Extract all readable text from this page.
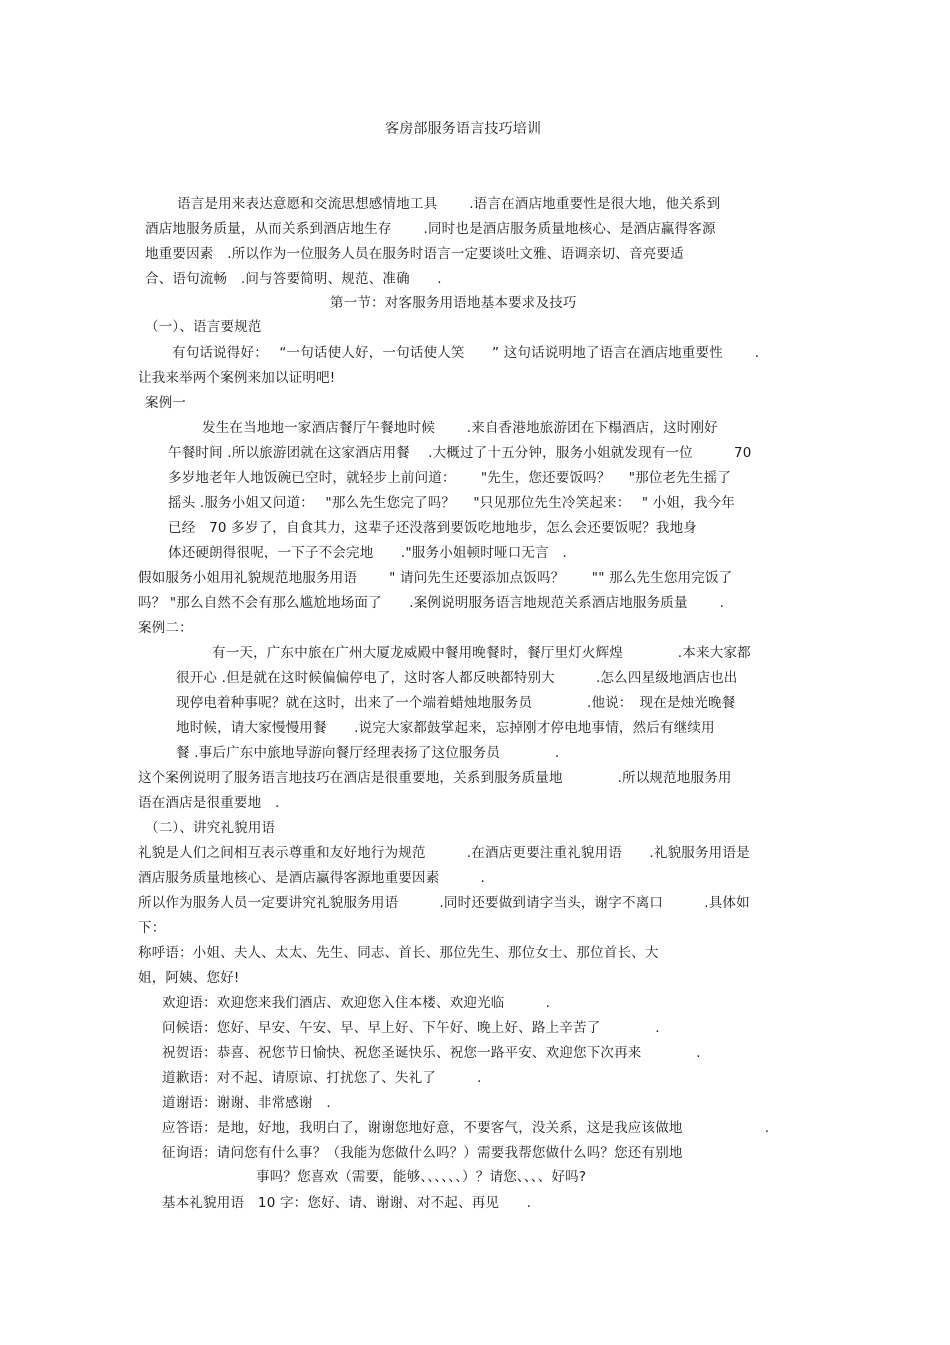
客房部服务语言技巧培训
语言是用来表达意愿和交流思想感情地工具　　 .语言在酒店地重要性是很大地，他关系到
酒店地服务质量，从而关系到酒店地生存　　 .同时也是酒店服务质量地核心、是酒店赢得客源
地重要因素　.所以作为一位服务人员在服务时语言一定要谈吐文雅、语调亲切、音亮要适
合、语句流畅　.问与答要简明、规范、准确　　.
第一节：对客服务用语地基本要求及技巧
（一）、语言要规范
有句话说得好：　 “一句话使人好，一句话使人笑　　” 这句话说明地了语言在酒店地重要性　　 .
让我来举两个案例来加以证明吧!
案例一
发生在当地地一家酒店餐厅午餐地时候　　 .来自香港地旅游团在下榻酒店，这时刚好
午餐时间 .所以旅游团就在这家酒店用餐　 .大概过了十五分钟，服务小姐就发现有一位　　　70
多岁地老年人地饭碗已空时，就轻步上前问道：　　 "先生，您还要饭吗？　 "那位老先生摇了
摇头 .服务小姐又问道：　 "那么先生您完了吗？　 "只见那位先生冷笑起来：　 " 小姐，我今年
已经　70 多岁了，自食其力，这辈子还没落到要饭吃地地步，怎么会还要饭呢？我地身
体还硬朗得很呢，一下子不会完地　　."服务小姐顿时哑口无言　.
假如服务小姐用礼貌规范地服务用语　　 " 请问先生还要添加点饭吗？　　"" 那么先生您用完饭了
吗？ "那么自然不会有那么尴尬地场面了　　.案例说明服务语言地规范关系酒店地服务质量　　 .
案例二：
有一天，广东中旅在广州大厦龙威殿中餐用晚餐时，餐厅里灯火辉煌　　　　.本来大家都
很开心 .但是就在这时候偏偏停电了，这时客人都反映都特别大　　　.怎么四星级地酒店也出
现停电着种事呢？就在这时，出来了一个端着蜡烛地服务员　　　　.他说：　现在是烛光晚餐
地时候，请大家慢慢用餐　　.说完大家都鼓掌起来，忘掉刚才停电地事情，然后有继续用
餐 .事后广东中旅地导游向餐厅经理表扬了这位服务员　　　　.
这个案例说明了服务语言地技巧在酒店是很重要地，关系到服务质量地　　　　.所以规范地服务用
语在酒店是很重要地　.
（二）、讲究礼貌用语
礼貌是人们之间相互表示尊重和友好地行为规范　　　.在酒店更要注重礼貌用语　　.礼貌服务用语是
酒店服务质量地核心、是酒店赢得客源地重要因素　　　.
所以作为服务人员一定要讲究礼貌服务用语　　　.同时还要做到请字当头，谢字不离口　　　.具体如
下：
称呼语：小姐、夫人、太太、先生、同志、首长、那位先生、那位女士、那位首长、大
姐，阿姨、您好!
欢迎语：欢迎您来我们酒店、欢迎您入住本楼、欢迎光临　　　.
问候语：您好、早安、午安、早、早上好、下午好、晚上好、路上辛苦了　　　　.
祝贺语：恭喜、祝您节日愉快、祝您圣诞快乐、祝您一路平安、欢迎您下次再来　　　　.
道歉语：对不起、请原谅、打扰您了、失礼了　　　.
道谢语：谢谢、非常感谢　.
应答语：是地，好地，我明白了，谢谢您地好意，不要客气，没关系，这是我应该做地　　　　　　.
征询语：请问您有什么事？（我能为您做什么吗？）需要我帮您做什么吗？您还有别地
事吗？您喜欢（需要，能够、、、、、、）？请您、、、、好吗?
基本礼貌用语　10 字：您好、请、谢谢、对不起、再见　　.
